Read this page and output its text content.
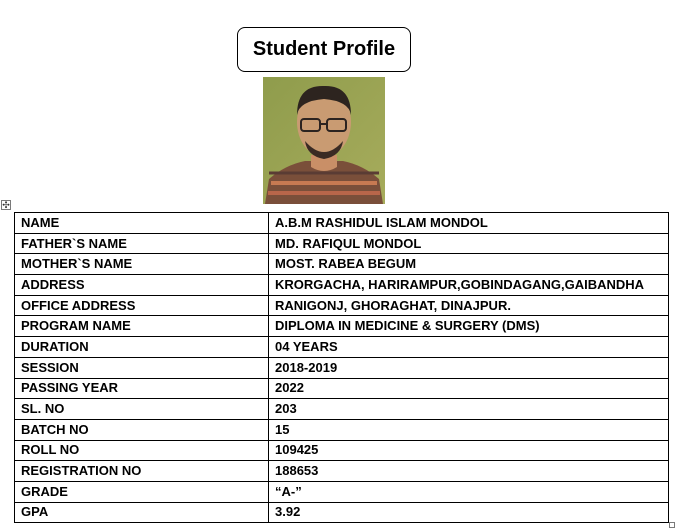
Student Profile
✣
NAME	A.B.M RASHIDUL ISLAM MONDOL
FATHER`S NAME	MD. RAFIQUL MONDOL
MOTHER`S NAME	MOST. RABEA BEGUM
ADDRESS	KRORGACHA, HARIRAMPUR,GOBINDAGANG,GAIBANDHA
OFFICE ADDRESS	RANIGONJ, GHORAGHAT, DINAJPUR.
PROGRAM NAME	DIPLOMA IN MEDICINE & SURGERY (DMS)
DURATION	04 YEARS
SESSION	2018-2019
PASSING YEAR	2022
SL. NO	203
BATCH NO	15
ROLL NO	109425
REGISTRATION NO	188653
GRADE	“A-”
GPA	3.92
